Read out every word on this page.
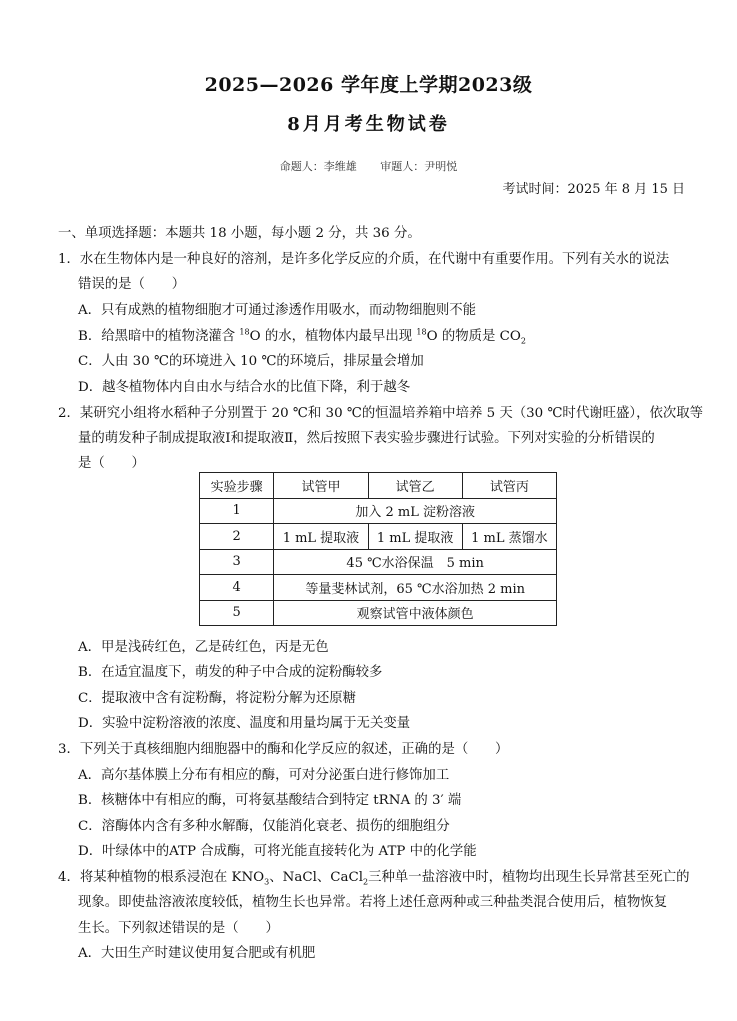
2025—2026 学年度上学期2023级
8月月考生物试卷
命题人：李维雄 审题人：尹明悦
考试时间：2025 年 8 月 15 日
一、单项选择题：本题共 18 小题，每小题 2 分，共 36 分。
1．水在生物体内是一种良好的溶剂，是许多化学反应的介质，在代谢中有重要作用。下列有关水的说法
错误的是（　　）
A．只有成熟的植物细胞才可通过渗透作用吸水，而动物细胞则不能
B．给黑暗中的植物浇灌含 $^{18}$O 的水，植物体内最早出现 $^{18}$O 的物质是 $CO_2$
C．人由 30 ℃的环境进入 10 ℃的环境后，排尿量会增加
D．越冬植物体内自由水与结合水的比值下降，利于越冬
2．某研究小组将水稻种子分别置于 20 ℃和 30 ℃的恒温培养箱中培养 5 天（30 ℃时代谢旺盛），依次取等
量的萌发种子制成提取液Ⅰ和提取液Ⅱ，然后按照下表实验步骤进行试验。下列对实验的分析错误的
是（　　）
实验步骤	试管甲	试管乙	试管丙
1	加入 2 mL 淀粉溶液		
2	1 mL 提取液	1 mL 提取液	1 mL 蒸馏水
3	45 ℃水浴保温　5 min		
4	等量斐林试剂，65 ℃水浴加热 2 min		
5	观察试管中液体颜色		
A．甲是浅砖红色，乙是砖红色，丙是无色
B．在适宜温度下，萌发的种子中合成的淀粉酶较多
C．提取液中含有淀粉酶，将淀粉分解为还原糖
D．实验中淀粉溶液的浓度、温度和用量均属于无关变量
3．下列关于真核细胞内细胞器中的酶和化学反应的叙述，正确的是（　　）
A．高尔基体膜上分布有相应的酶，可对分泌蛋白进行修饰加工
B．核糖体中有相应的酶，可将氨基酸结合到特定 tRNA 的 3′ 端
C．溶酶体内含有多种水解酶，仅能消化衰老、损伤的细胞组分
D．叶绿体中的ATP 合成酶，可将光能直接转化为 ATP 中的化学能
4．将某种植物的根系浸泡在 $KNO_3$、NaCl、CaCl$_2$三种单一盐溶液中时，植物均出现生长异常甚至死亡的
现象。即使盐溶液浓度较低，植物生长也异常。若将上述任意两种或三种盐类混合使用后，植物恢复
生长。下列叙述错误的是（　　）
A．大田生产时建议使用复合肥或有机肥
